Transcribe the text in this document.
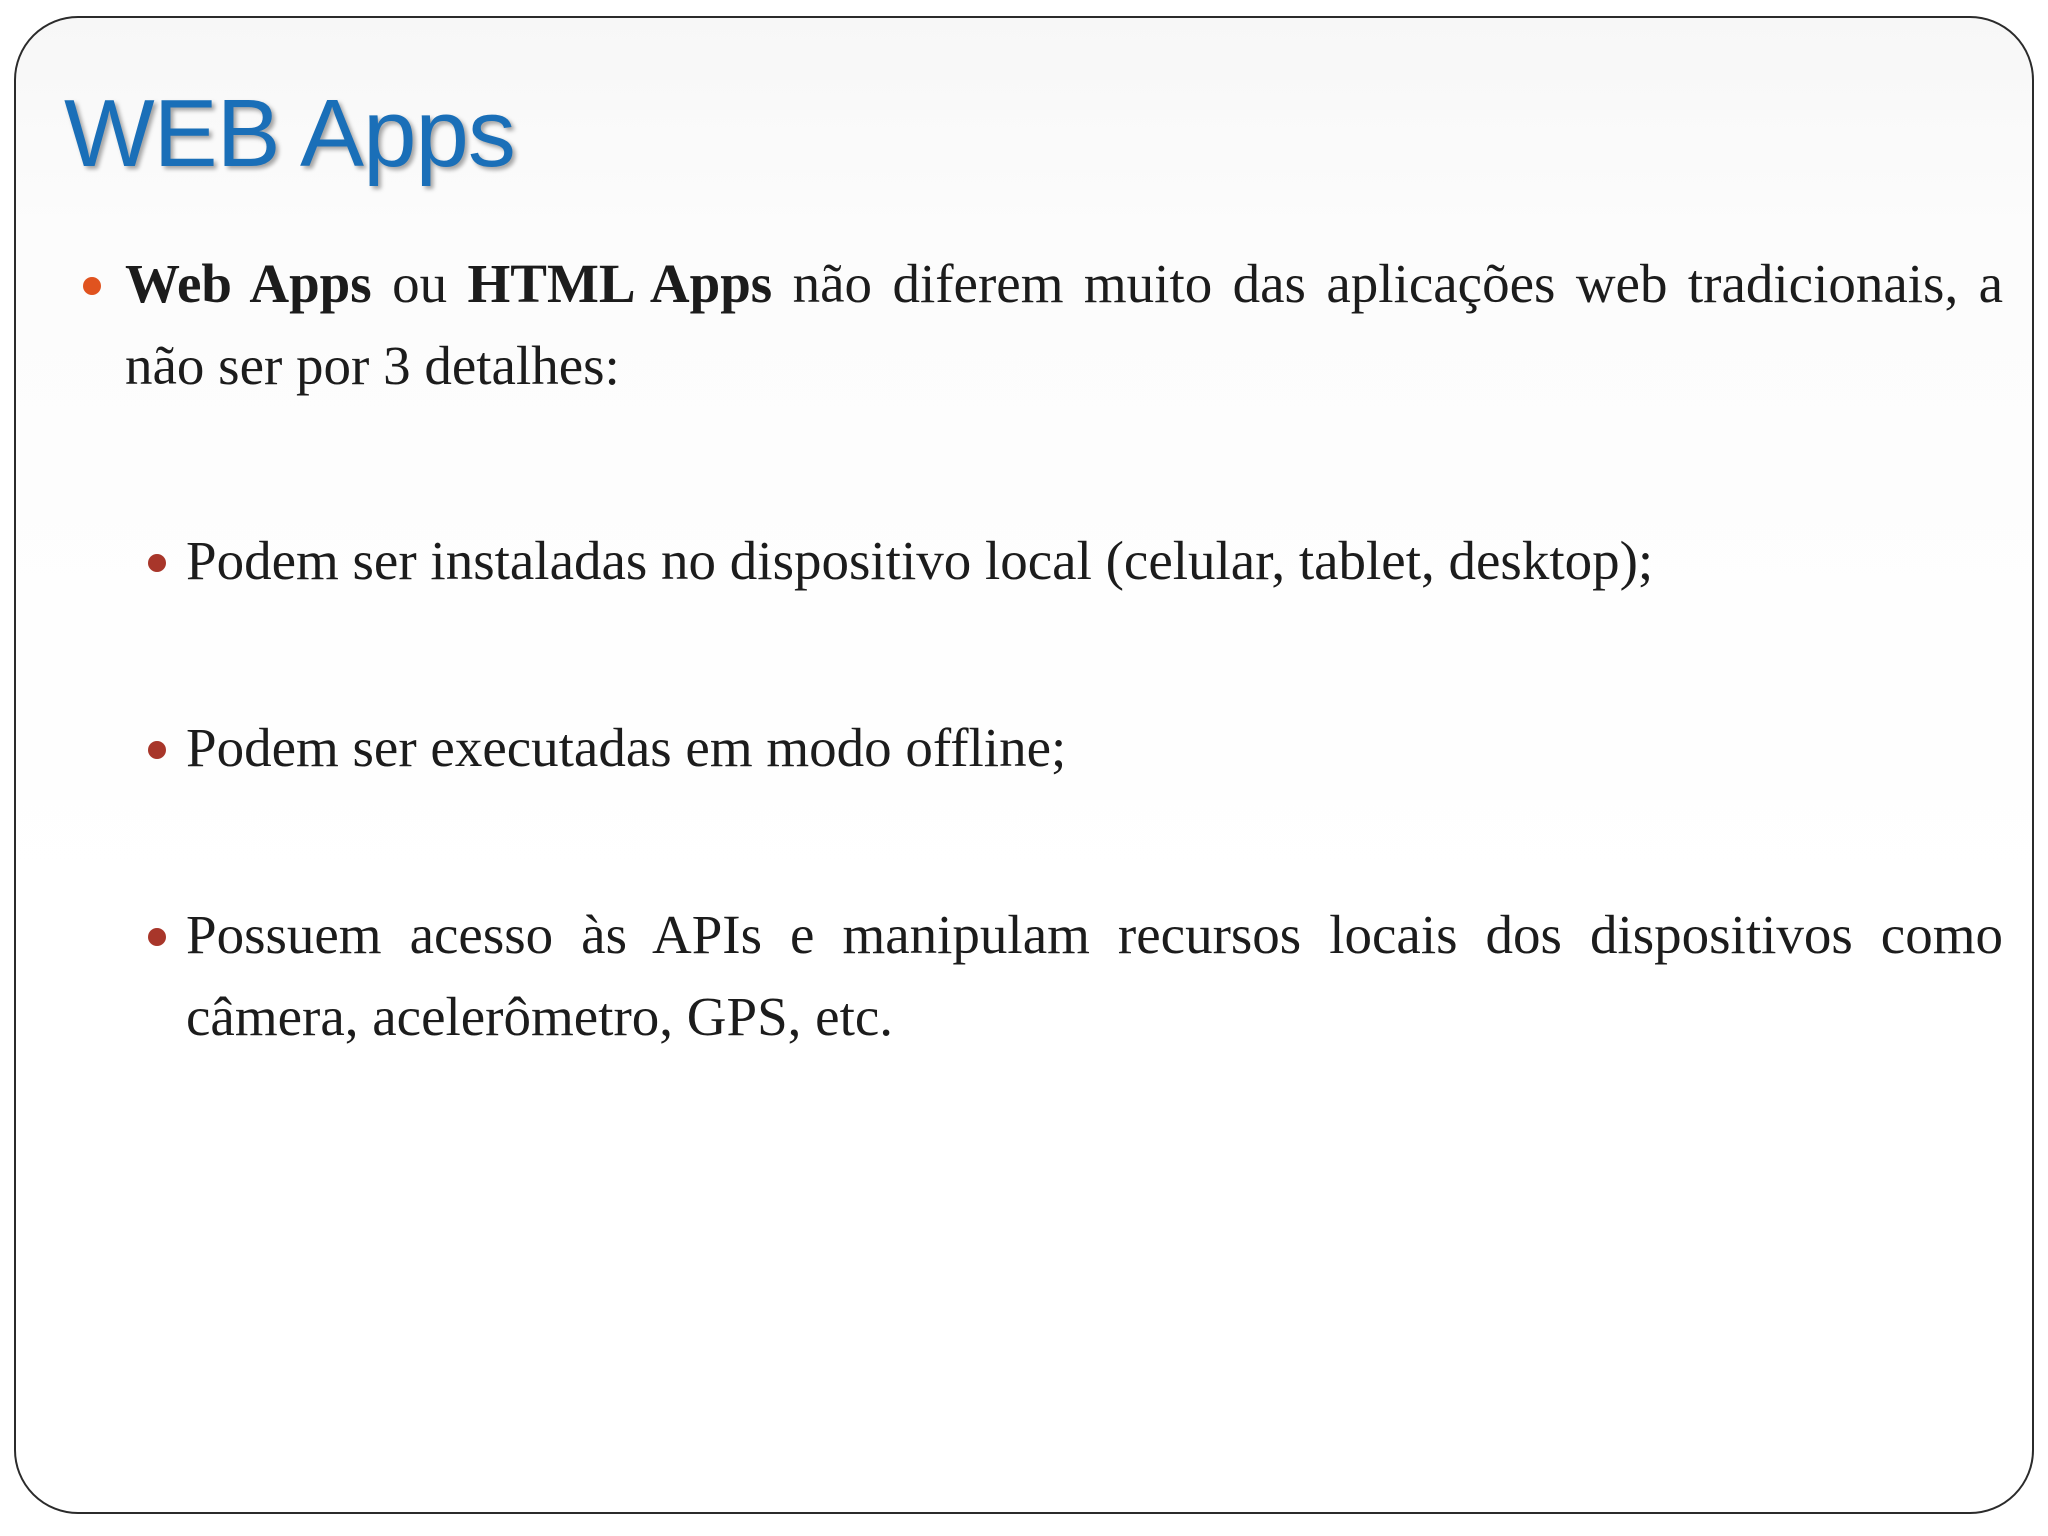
WEB Apps
Web Apps ou HTML Apps não diferem muito das aplicações web tradicionais, a não ser por 3 detalhes:
Podem ser instaladas no dispositivo local (celular, tablet, desktop);
Podem ser executadas em modo offline;
Possuem acesso às APIs e manipulam recursos locais dos dispositivos como câmera, acelerômetro, GPS, etc.
